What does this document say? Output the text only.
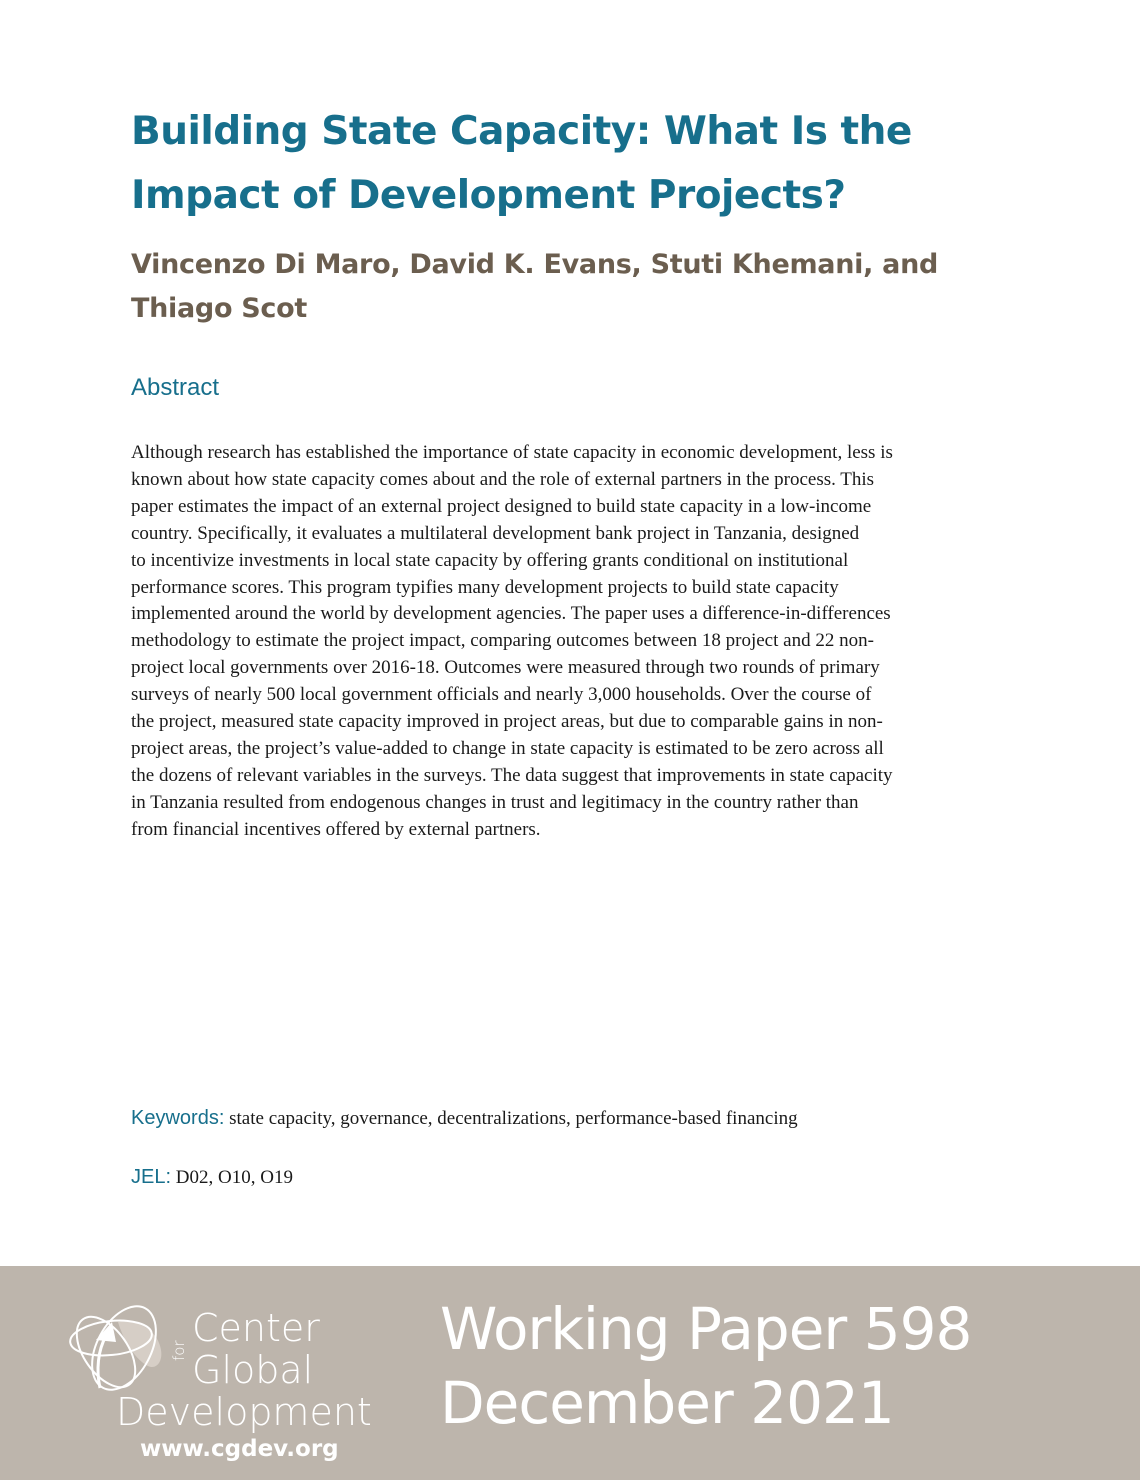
Building State Capacity: What Is the
Impact of Development Projects?
Vincenzo Di Maro, David K. Evans, Stuti Khemani, and
Thiago Scot
Abstract
Although research has established the importance of state capacity in economic development, less is
known about how state capacity comes about and the role of external partners in the process. This
paper estimates the impact of an external project designed to build state capacity in a low-income
country. Specifically, it evaluates a multilateral development bank project in Tanzania, designed
to incentivize investments in local state capacity by offering grants conditional on institutional
performance scores. This program typifies many development projects to build state capacity
implemented around the world by development agencies. The paper uses a difference-in-differences
methodology to estimate the project impact, comparing outcomes between 18 project and 22 non-
project local governments over 2016-18. Outcomes were measured through two rounds of primary
surveys of nearly 500 local government officials and nearly 3,000 households. Over the course of
the project, measured state capacity improved in project areas, but due to comparable gains in non-
project areas, the project’s value-added to change in state capacity is estimated to be zero across all
the dozens of relevant variables in the surveys. The data suggest that improvements in state capacity
in Tanzania resulted from endogenous changes in trust and legitimacy in the country rather than
from financial incentives offered by external partners.
Keywords: state capacity, governance, decentralizations, performance-based financing
JEL: D02, O10, O19
Center
for Global
Development
www.cgdev.org
Working Paper 598
December 2021
